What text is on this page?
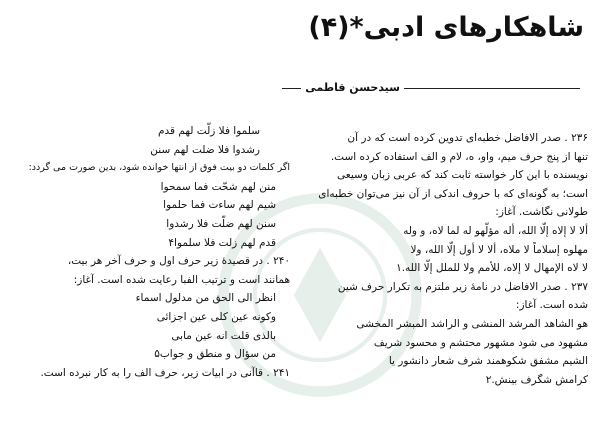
شاهکارهای ادبی*(۴)
سیدحسن قاطمی
۲۳۶ . صدر الافاضل خطبه‌ای تدوین کرده است که در آن
تنها از پنج حرف میم، واو، ه، لام و الف استفاده کرده است.
نویسنده با این کار خواسته ثابت کند که عربی زبان وسیعی
است؛ به گونه‌ای که با حروف اندکی از آن نیز می‌توان خطبه‌ای
طولانی نگاشت. آغاز:
ألا لا إلاه إلّا الله، أله مؤلّهو له لما لاه، و وله
مهلوه إسلاماً لا ملاه، ألا لا أول إلّا الله، ولا
لا لاه الإمهال لا إلاه، للأمم ولا للملل إلّا الله.١
۲۳۷ . صدر الافاضل در نامهٔ زیر ملتزم به تکرار حرف شین
شده است. آغاز:
هو الشاهد المرشد المنشی و الراشد المبشر المخشی
مشهود می شود مشهور محتشم و محسود شریف
الشیم مشفق شکوهمند شرف شعار دانشور یا
کرامش شگرف بینش.٢
سلموا فلا زلّت لهم قدم
رشدوا فلا ضلت لهم سنن
اگر کلمات دو بیت فوق از انتها خوانده شود، بدین صورت می گردد:
منن لهم شحّت فما سمحوا
شیم لهم ساءت فما حلموا
سنن لهم ضلّت فلا رشدوا
قدم لهم زلت فلا سلموا۴
۲۴۰ . در قصیدهٔ زیر حرف اول و حرف آخر هر بیت،
همانند است و ترتیب الفبا رعایت شده است. آغاز:
انظر الی الحق من مدلول اسماء
وکونه عین کلی عین اجزائی
بالذی قلت انه عین مابی
من سؤال و منطق و جواب۵
۲۴۱ . قاآنی در ابیات زیر، حرف الف را به کار نبرده است.
